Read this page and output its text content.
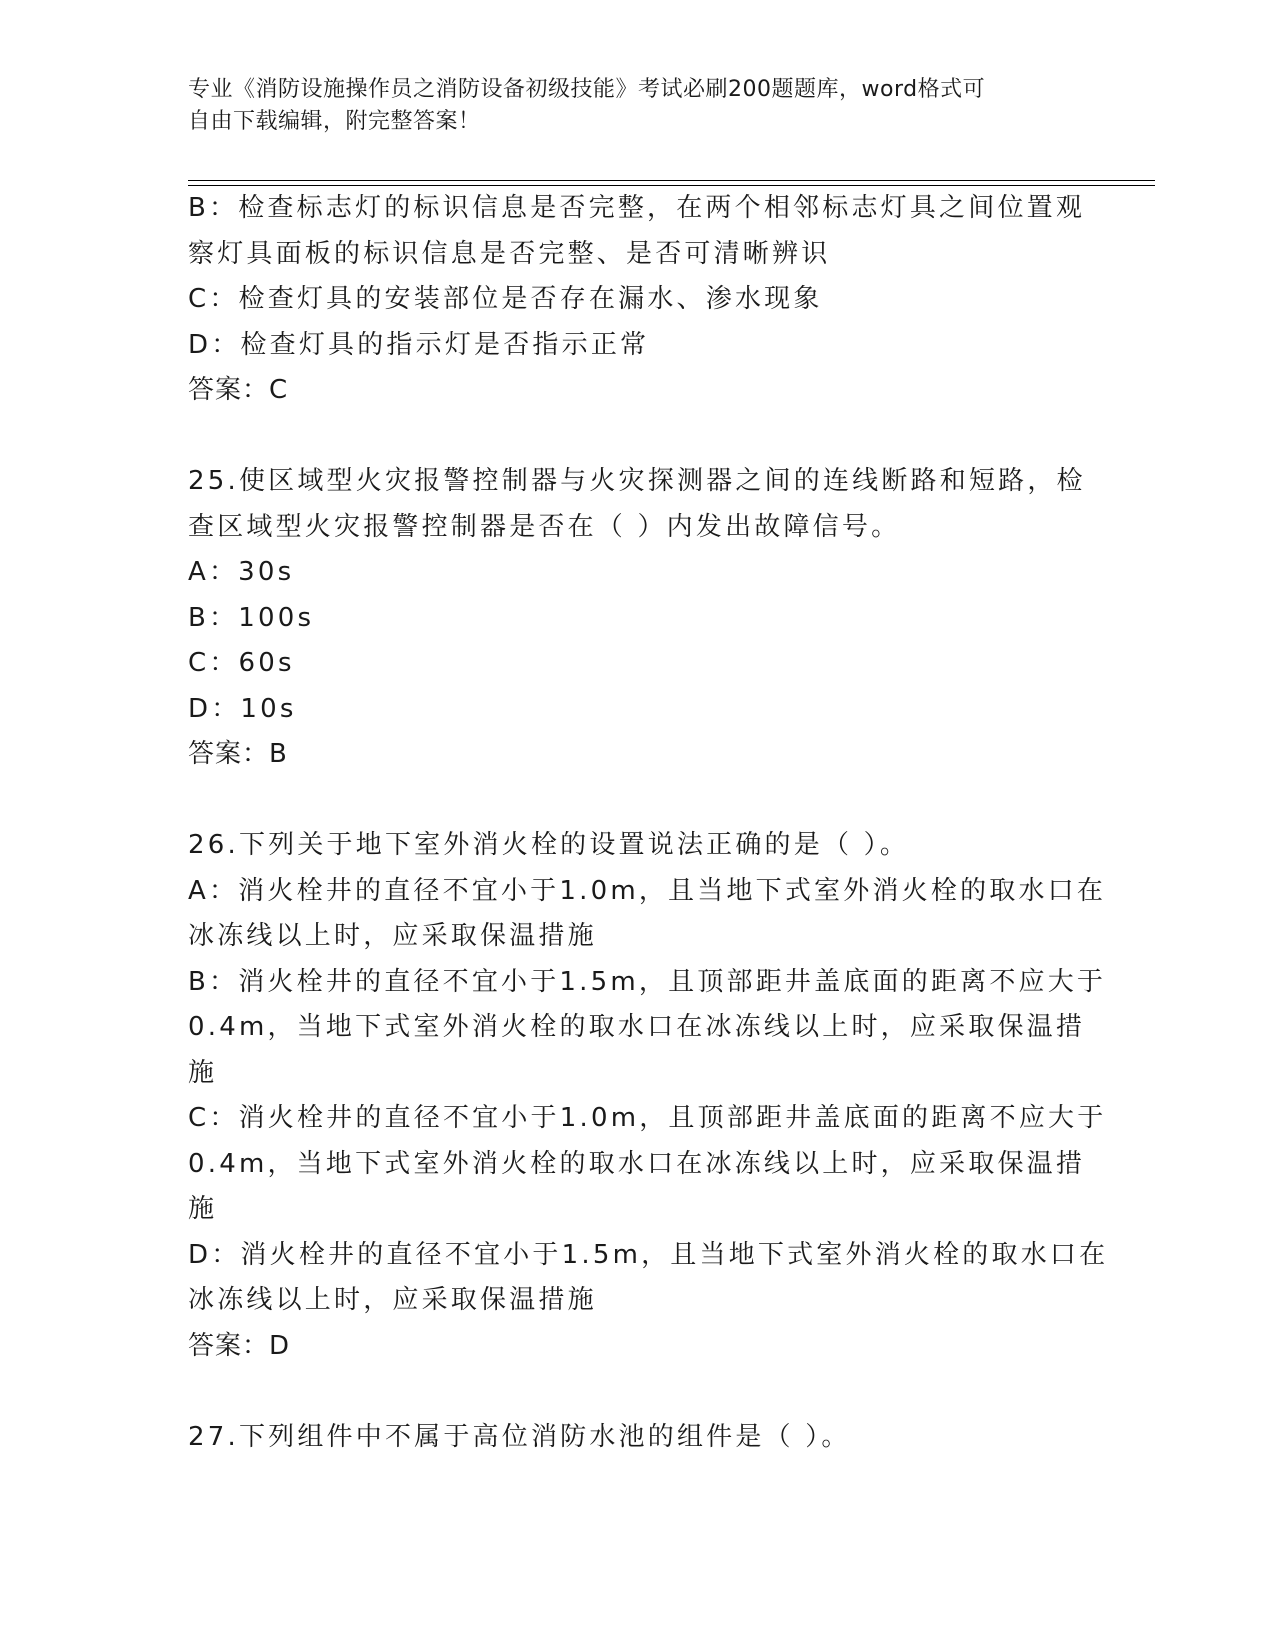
专业《消防设施操作员之消防设备初级技能》考试必刷200题题库，word格式可
自由下载编辑，附完整答案！
B：检查标志灯的标识信息是否完整，在两个相邻标志灯具之间位置观
察灯具面板的标识信息是否完整、是否可清晰辨识
C：检查灯具的安装部位是否存在漏水、渗水现象
D：检查灯具的指示灯是否指示正常
答案：C
25.使区域型火灾报警控制器与火灾探测器之间的连线断路和短路，检
查区域型火灾报警控制器是否在（ ）内发出故障信号。
A：30s
B：100s
C：60s
D：10s
答案：B
26.下列关于地下室外消火栓的设置说法正确的是（ ）。
A：消火栓井的直径不宜小于1.0m，且当地下式室外消火栓的取水口在
冰冻线以上时，应采取保温措施
B：消火栓井的直径不宜小于1.5m，且顶部距井盖底面的距离不应大于
0.4m，当地下式室外消火栓的取水口在冰冻线以上时，应采取保温措
施
C：消火栓井的直径不宜小于1.0m，且顶部距井盖底面的距离不应大于
0.4m，当地下式室外消火栓的取水口在冰冻线以上时，应采取保温措
施
D：消火栓井的直径不宜小于1.5m，且当地下式室外消火栓的取水口在
冰冻线以上时，应采取保温措施
答案：D
27.下列组件中不属于高位消防水池的组件是（ ）。
